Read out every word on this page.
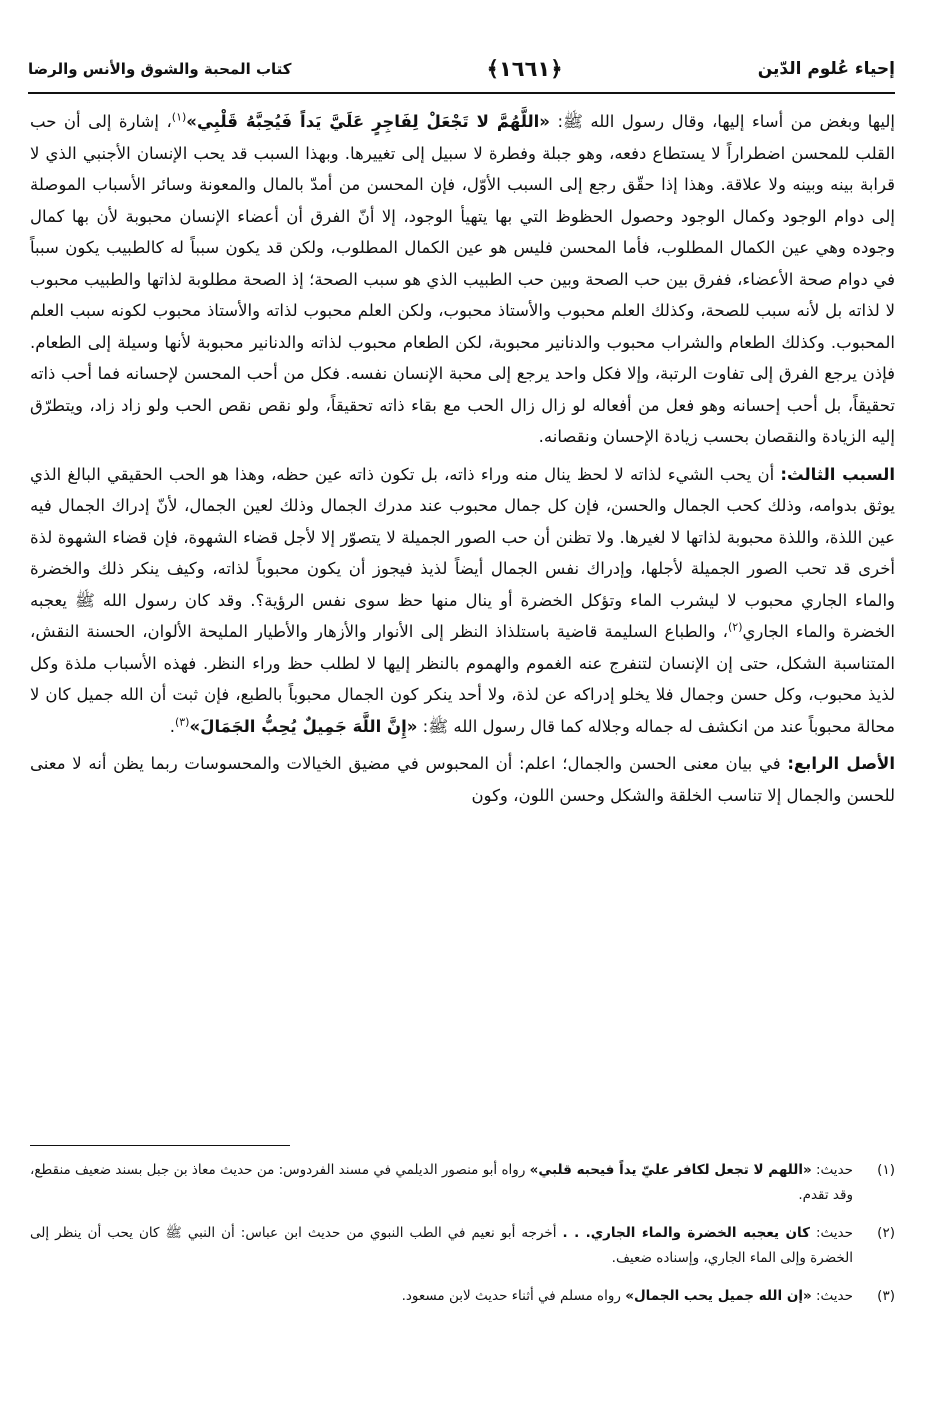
إحياء عُلوم الدّين
﴿١٦٦١﴾
كتاب المحبة والشوق والأنس والرضا

إليها وبغض من أساء إليها، وقال رسول الله ﷺ: «اللَّهُمَّ لا تَجْعَلْ لِفَاجِرٍ عَلَيَّ يَداً فَيُحِبَّهُ قَلْبِي»$^{(١)}$، إشارة إلى أن حب القلب للمحسن اضطراراً لا يستطاع دفعه، وهو جبلة وفطرة لا سبيل إلى تغييرها. وبهذا السبب قد يحب الإنسان الأجنبي الذي لا قرابة بينه وبينه ولا علاقة. وهذا إذا حقّق رجع إلى السبب الأوّل، فإن المحسن من أمدّ بالمال والمعونة وسائر الأسباب الموصلة إلى دوام الوجود وكمال الوجود وحصول الحظوظ التي بها يتهيأ الوجود، إلا أنّ الفرق أن أعضاء الإنسان محبوبة لأن بها كمال وجوده وهي عين الكمال المطلوب، فأما المحسن فليس هو عين الكمال المطلوب، ولكن قد يكون سبباً له كالطبيب يكون سبباً في دوام صحة الأعضاء، ففرق بين حب الصحة وبين حب الطبيب الذي هو سبب الصحة؛ إذ الصحة مطلوبة لذاتها والطبيب محبوب لا لذاته بل لأنه سبب للصحة، وكذلك العلم محبوب والأستاذ محبوب، ولكن العلم محبوب لذاته والأستاذ محبوب لكونه سبب العلم المحبوب. وكذلك الطعام والشراب محبوب والدنانير محبوبة، لكن الطعام محبوب لذاته والدنانير محبوبة لأنها وسيلة إلى الطعام. فإذن يرجع الفرق إلى تفاوت الرتبة، وإلا فكل واحد يرجع إلى محبة الإنسان نفسه. فكل من أحب المحسن لإحسانه فما أحب ذاته تحقيقاً، بل أحب إحسانه وهو فعل من أفعاله لو زال زال الحب مع بقاء ذاته تحقيقاً، ولو نقص نقص الحب ولو زاد زاد، ويتطرّق إليه الزيادة والنقصان بحسب زيادة الإحسان ونقصانه.

السبب الثالث: أن يحب الشيء لذاته لا لحظ ينال منه وراء ذاته، بل تكون ذاته عين حظه، وهذا هو الحب الحقيقي البالغ الذي يوثق بدوامه، وذلك كحب الجمال والحسن، فإن كل جمال محبوب عند مدرك الجمال وذلك لعين الجمال، لأنّ إدراك الجمال فيه عين اللذة، واللذة محبوبة لذاتها لا لغيرها. ولا تظنن أن حب الصور الجميلة لا يتصوّر إلا لأجل قضاء الشهوة، فإن قضاء الشهوة لذة أخرى قد تحب الصور الجميلة لأجلها، وإدراك نفس الجمال أيضاً لذيذ فيجوز أن يكون محبوباً لذاته، وكيف ينكر ذلك والخضرة والماء الجاري محبوب لا ليشرب الماء وتؤكل الخضرة أو ينال منها حظ سوى نفس الرؤية؟. وقد كان رسول الله ﷺ يعجبه الخضرة والماء الجاري$^{(٢)}$، والطباع السليمة قاضية باستلذاذ النظر إلى الأنوار والأزهار والأطيار المليحة الألوان، الحسنة النقش، المتناسبة الشكل، حتى إن الإنسان لتنفرج عنه الغموم والهموم بالنظر إليها لا لطلب حظ وراء النظر. فهذه الأسباب ملذة وكل لذيذ محبوب، وكل حسن وجمال فلا يخلو إدراكه عن لذة، ولا أحد ينكر كون الجمال محبوباً بالطبع، فإن ثبت أن الله جميل كان لا محالة محبوباً عند من انكشف له جماله وجلاله كما قال رسول الله ﷺ: «إِنَّ اللَّهَ جَمِيلٌ يُحِبُّ الجَمَالَ»$^{(٣)}$.

الأصل الرابع: في بيان معنى الحسن والجمال؛ اعلم: أن المحبوس في مضيق الخيالات والمحسوسات ربما يظن أنه لا معنى للحسن والجمال إلا تناسب الخلقة والشكل وحسن اللون، وكون

(١)
حديث: «اللهم لا تجعل لكافر عليّ يداً فيحبه قلبي» رواه أبو منصور الديلمي في مسند الفردوس: من حديث معاذ بن جبل بسند ضعيف منقطع، وقد تقدم.
(٢)
حديث: كان يعجبه الخضرة والماء الجاري. . . أخرجه أبو نعيم في الطب النبوي من حديث ابن عباس: أن النبي ﷺ كان يحب أن ينظر إلى الخضرة وإلى الماء الجاري، وإسناده ضعيف.
(٣)
حديث: «إن الله جميل يحب الجمال» رواه مسلم في أثناء حديث لابن مسعود.
